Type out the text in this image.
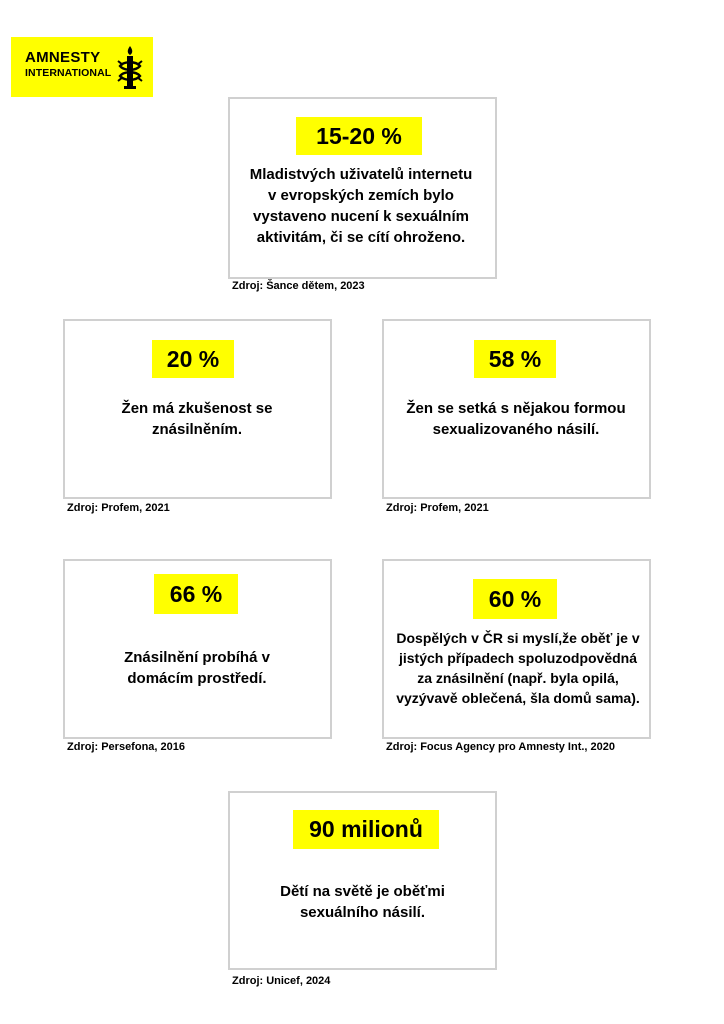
AMNESTY
INTERNATIONAL
15-20 %
Mladistvých uživatelů internetu v evropských zemích bylo vystaveno nucení k sexuálním aktivitám, či se cítí ohroženo.
Zdroj: Šance dětem, 2023
20 %
Žen má zkušenost se znásilněním.
Zdroj: Profem, 2021
58 %
Žen se setká s nějakou formou sexualizovaného násilí.
Zdroj: Profem, 2021
66 %
Znásilnění probíhá v domácím prostředí.
Zdroj: Persefona, 2016
60 %
Dospělých v ČR si myslí,že oběť je v jistých případech spoluzodpovědná za znásilnění (např. byla opilá, vyzývavě oblečená, šla domů sama).
Zdroj: Focus Agency pro Amnesty Int., 2020
90 milionů
Dětí na světě je oběťmi sexuálního násilí.
Zdroj: Unicef, 2024
